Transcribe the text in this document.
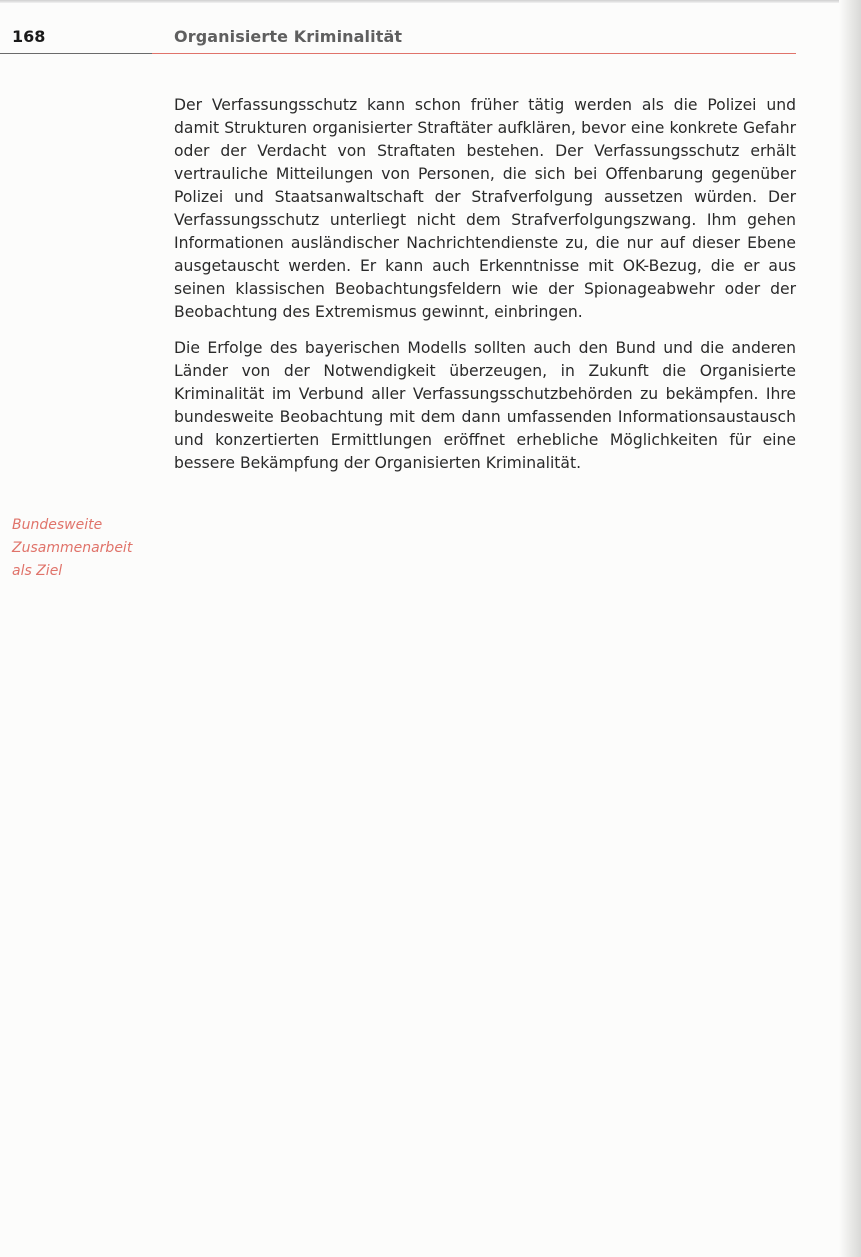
168	Organisierte Kriminalität

Bundesweite
Zusammenarbeit
als Ziel

Der Verfassungsschutz kann schon früher tätig werden als die Polizei und damit Strukturen organisierter Straftäter aufklären, bevor eine konkrete Gefahr oder der Verdacht von Straftaten bestehen. Der Verfassungsschutz erhält vertrauliche Mitteilungen von Personen, die sich bei Offenbarung gegenüber Polizei und Staatsanwaltschaft der Strafverfolgung aussetzen würden. Der Verfassungsschutz unterliegt nicht dem Strafverfolgungszwang. Ihm gehen Informationen ausländischer Nachrichtendienste zu, die nur auf dieser Ebene ausgetauscht werden. Er kann auch Erkenntnisse mit OK-Bezug, die er aus seinen klassischen Beobachtungsfeldern wie der Spionageabwehr oder der Beobachtung des Extremismus gewinnt, einbringen.

Die Erfolge des bayerischen Modells sollten auch den Bund und die anderen Länder von der Notwendigkeit überzeugen, in Zukunft die Organisierte Kriminalität im Verbund aller Verfassungsschutzbehörden zu bekämpfen. Ihre bundesweite Beobachtung mit dem dann umfassenden Informationsaustausch und konzertierten Ermittlungen eröffnet erhebliche Möglichkeiten für eine bessere Bekämpfung der Organisierten Kriminalität.
